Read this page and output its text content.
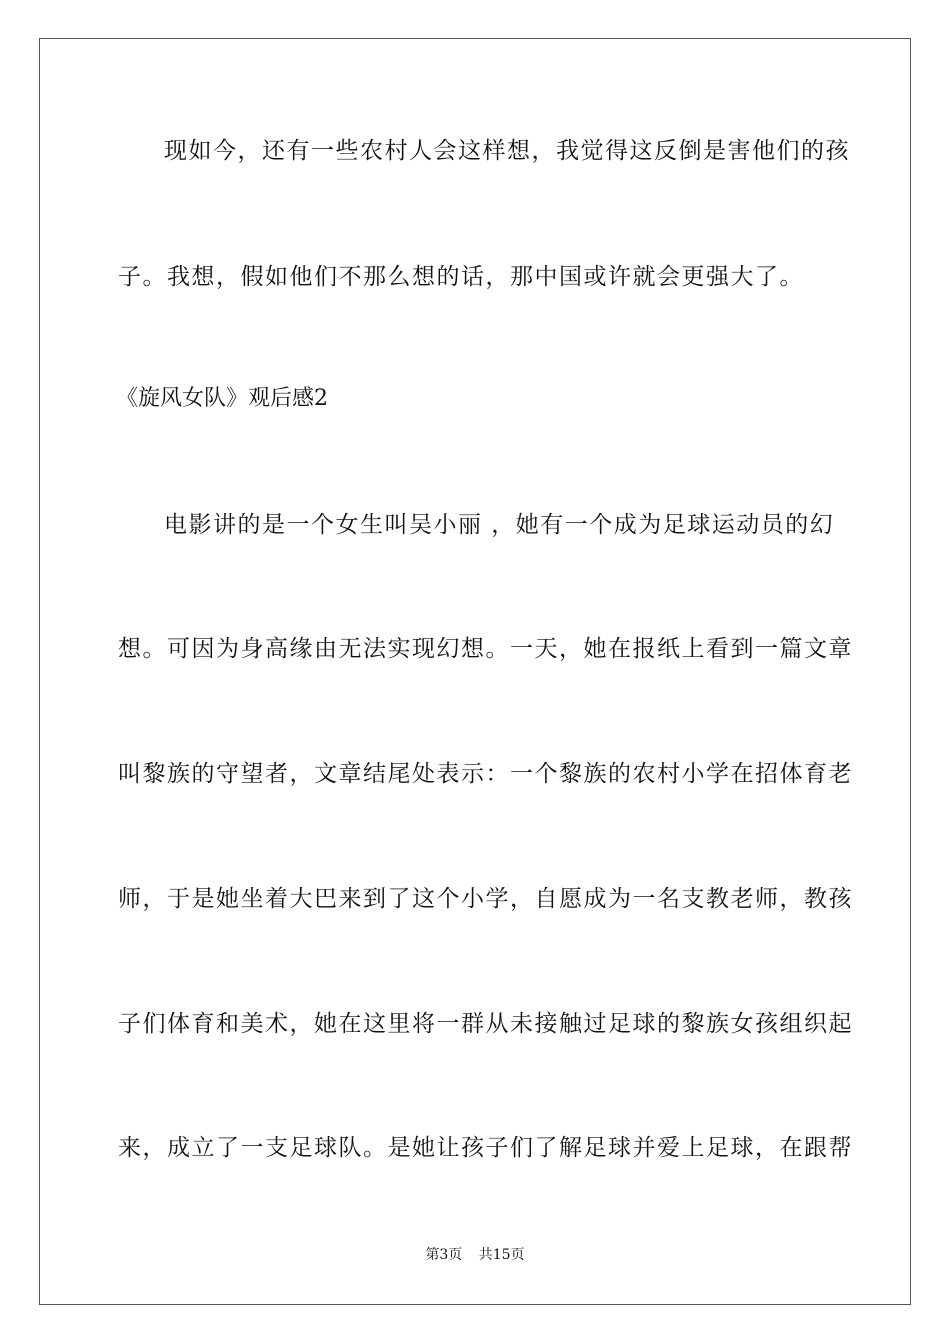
现如今，还有一些农村人会这样想，我觉得这反倒是害他们的孩
子。我想，假如他们不那么想的话，那中国或许就会更强大了。
《旋风女队》观后感2
电影讲的是一个女生叫吴小丽 ，她有一个成为足球运动员的幻
想。可因为身高缘由无法实现幻想。一天，她在报纸上看到一篇文章
叫黎族的守望者，文章结尾处表示：一个黎族的农村小学在招体育老
师，于是她坐着大巴来到了这个小学，自愿成为一名支教老师，教孩
子们体育和美术，她在这里将一群从未接触过足球的黎族女孩组织起
来，成立了一支足球队。是她让孩子们了解足球并爱上足球，在跟帮
第3页 共15页
